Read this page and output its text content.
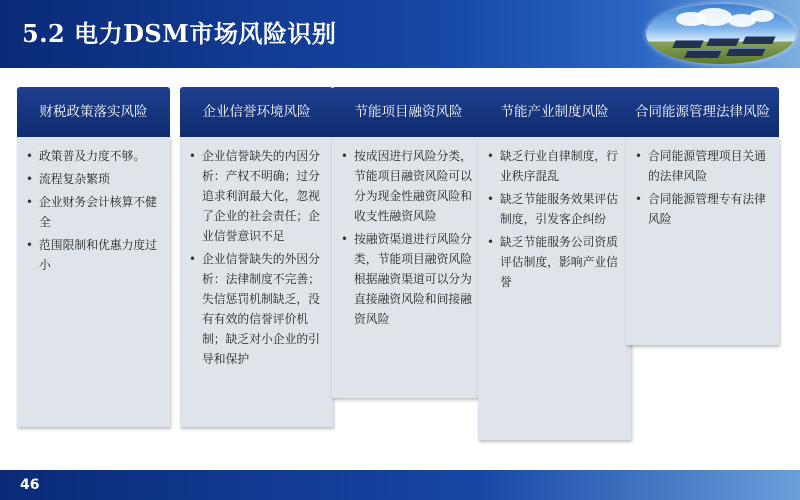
5.2 电力DSM市场风险识别
财税政策落实风险
• 政策普及力度不够。
• 流程复杂繁琐
• 企业财务会计核算不健全
• 范围限制和优惠力度过小
企业信誉环境风险
• 企业信誉缺失的内因分析：产权不明确；过分追求利润最大化，忽视了企业的社会责任；企业信誉意识不足
• 企业信誉缺失的外因分析：法律制度不完善；失信惩罚机制缺乏，没有有效的信誉评价机制；缺乏对小企业的引导和保护
节能项目融资风险
• 按成因进行风险分类，节能项目融资风险可以分为现金性融资风险和收支性融资风险
• 按融资渠道进行风险分类，节能项目融资风险根据融资渠道可以分为直接融资风险和间接融资风险
节能产业制度风险
• 缺乏行业自律制度，行业秩序混乱
• 缺乏节能服务效果评估制度，引发客企纠纷
• 缺乏节能服务公司资质评估制度，影响产业信誉
合同能源管理法律风险
• 合同能源管理项目关通的法律风险
• 合同能源管理专有法律风险
46
